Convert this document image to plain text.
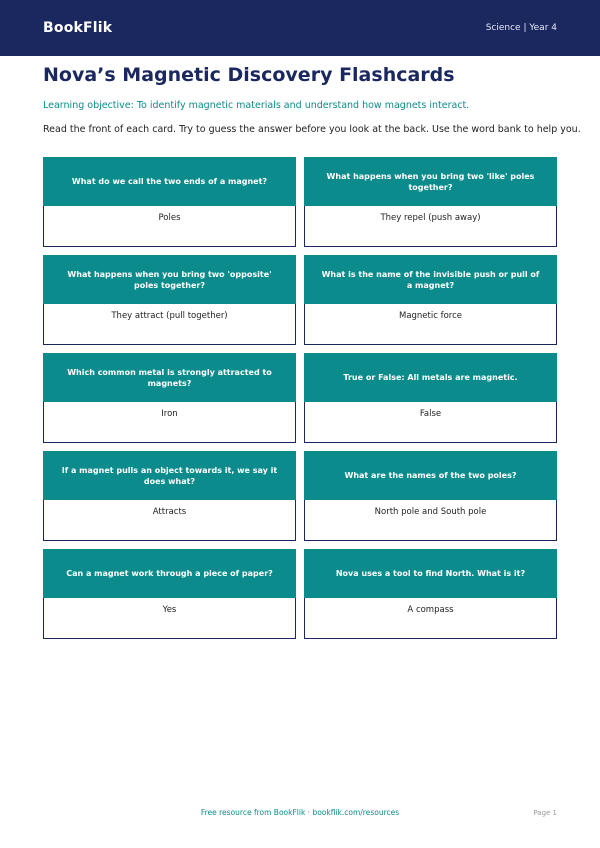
BookFlik	Science | Year 4
Nova’s Magnetic Discovery Flashcards
Learning objective: To identify magnetic materials and understand how magnets interact.
Read the front of each card. Try to guess the answer before you look at the back. Use the word bank to help you.
What do we call the two ends of a magnet?
Poles
What happens when you bring two 'like' poles together?
They repel (push away)
What happens when you bring two 'opposite' poles together?
They attract (pull together)
What is the name of the invisible push or pull of a magnet?
Magnetic force
Which common metal is strongly attracted to magnets?
Iron
True or False: All metals are magnetic.
False
If a magnet pulls an object towards it, we say it does what?
Attracts
What are the names of the two poles?
North pole and South pole
Can a magnet work through a piece of paper?
Yes
Nova uses a tool to find North. What is it?
A compass
Free resource from BookFlik · bookflik.com/resources	Page 1
